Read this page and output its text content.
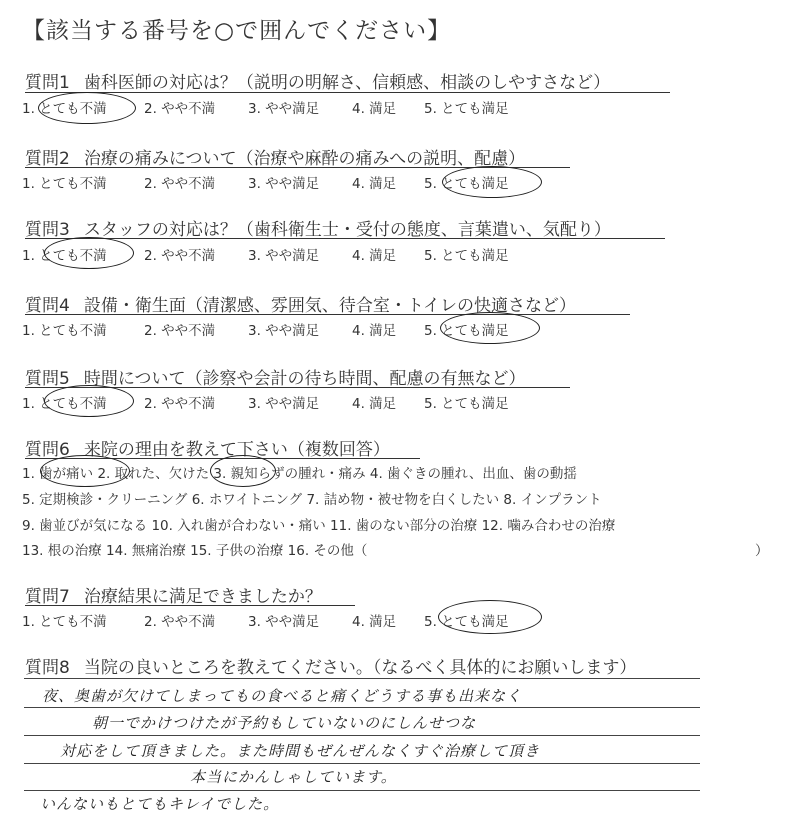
【該当する番号を○で囲んでください】
質問1 歯科医師の対応は？（説明の明解さ、信頼感、相談のしやすさなど）
1. とても不満	2. やや不満 3. やや満足 4. 満足 5. とても満足
質問2 治療の痛みについて（治療や麻酔の痛みへの説明、配慮）
1. とても不満	2. やや不満 3. やや満足 4. 満足 5. とても満足
質問3 スタッフの対応は？（歯科衛生士・受付の態度、言葉遣い、気配り）
1. とても不満	2. やや不満 3. やや満足 4. 満足 5. とても満足
質問4 設備・衛生面（清潔感、雰囲気、待合室・トイレの快適さなど）
1. とても不満	2. やや不満 3. やや満足 4. 満足 5. とても満足
質問5 時間について（診察や会計の待ち時間、配慮の有無など）
1. とても不満	2. やや不満 3. やや満足 4. 満足 5. とても満足
質問6 来院の理由を教えて下さい（複数回答）
1. 歯が痛い 2. 取れた、欠けた 3. 親知らずの腫れ・痛み 4. 歯ぐきの腫れ、出血、歯の動揺
5. 定期検診・クリーニング 6. ホワイトニング 7. 詰め物・被せ物を白くしたい 8. インプラント
9. 歯並びが気になる 10. 入れ歯が合わない・痛い 11. 歯のない部分の治療 12. 噛み合わせの治療
13. 根の治療 14. 無痛治療 15. 子供の治療 16. その他（	）
質問7 治療結果に満足できましたか？
1. とても不満	2. やや不満 3. やや満足 4. 満足 5. とても満足
質問8 当院の良いところを教えてください。（なるべく具体的にお願いします）
夜、奥歯が欠けてしまってもの食べると痛くどうする事も出来なく
朝一でかけつけたが予約もしていないのにしんせつな
対応をして頂きました。また時間もぜんぜんなくすぐ治療して頂き
本当にかんしゃしています。
いんないもとてもキレイでした。
